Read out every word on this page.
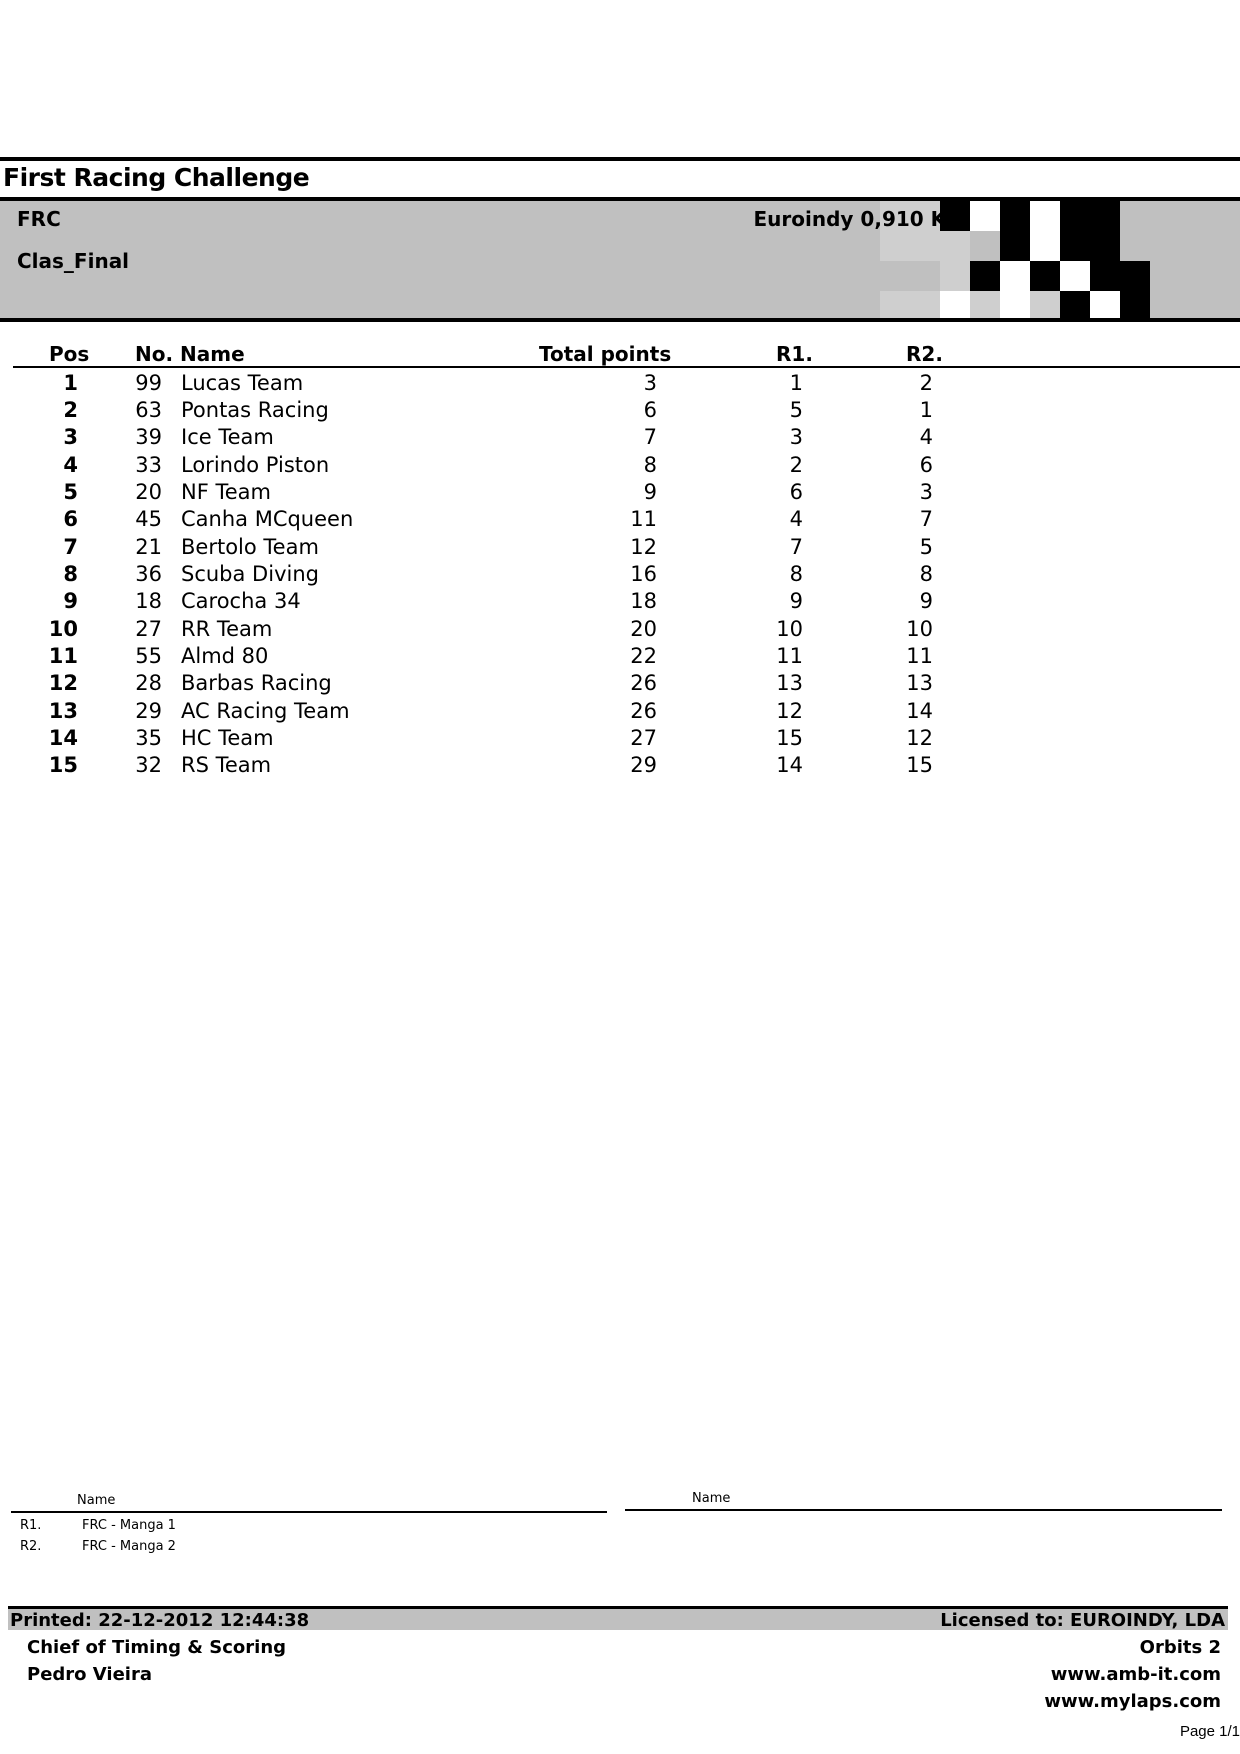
First Racing Challenge
FRC
Clas_Final
Euroindy 0,910 Km
Pos No. Name	Total points	R1.	R2.
1	99 Lucas Team	3	1	2
2	63 Pontas Racing	6	5	1
3	39 Ice Team	7	3	4
4	33 Lorindo Piston	8	2	6
5	20 NF Team	9	6	3
6	45 Canha MCqueen	11	4	7
7	21 Bertolo Team	12	7	5
8	36 Scuba Diving	16	8	8
9	18 Carocha 34	18	9	9
10	27 RR Team	20	10	10
11	55 Almd 80	22	11	11
12	28 Barbas Racing	26	13	13
13	29 AC Racing Team	26	12	14
14	35 HC Team	27	15	12
15	32 RS Team	29	14	15
Name	Name
R1.	FRC - Manga 1
R2.	FRC - Manga 2
Printed: 22-12-2012 12:44:38	Licensed to: EUROINDY, LDA
Chief of Timing & Scoring
Pedro Vieira
Orbits 2
www.amb-it.com
www.mylaps.com
Page 1/1
